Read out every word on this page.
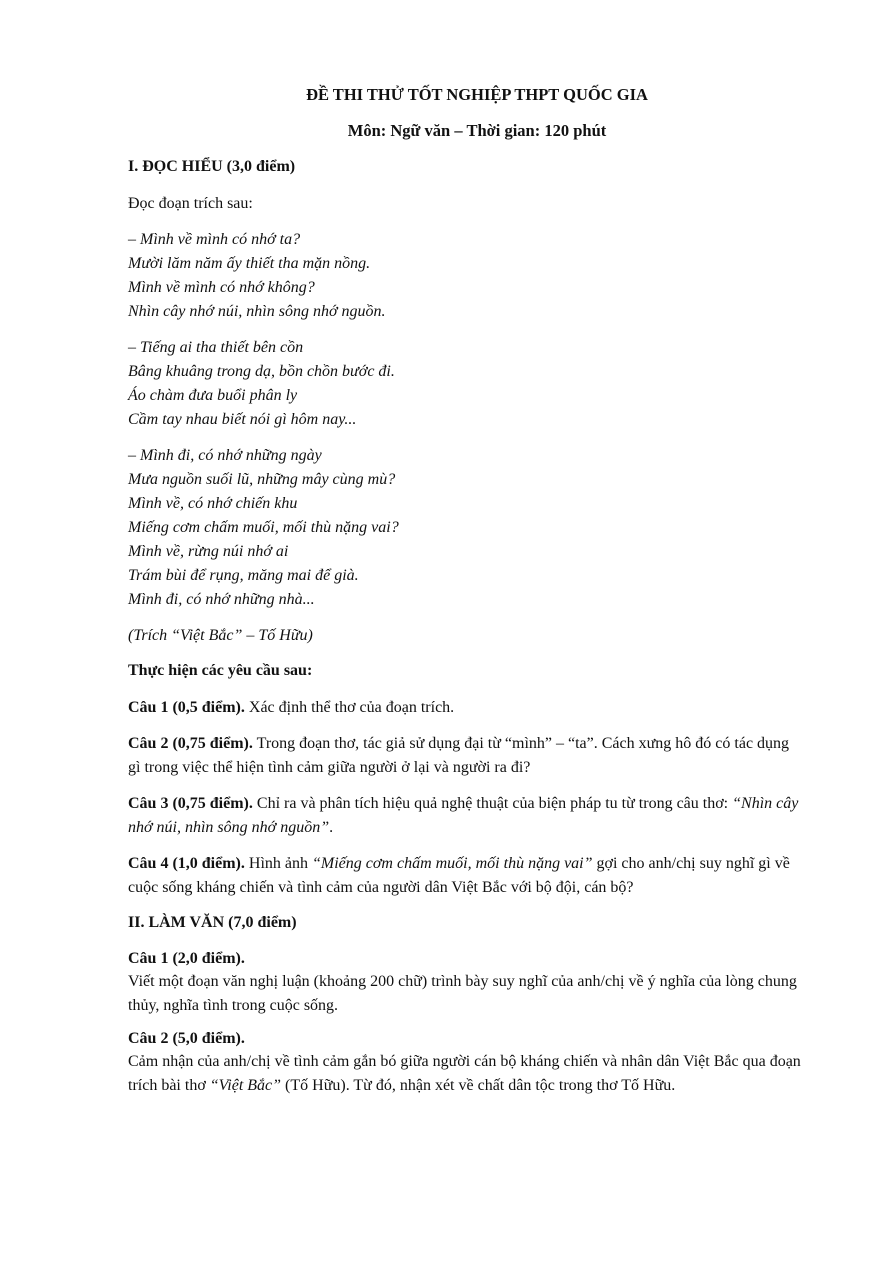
ĐỀ THI THỬ TỐT NGHIỆP THPT QUỐC GIA
Môn: Ngữ văn – Thời gian: 120 phút
I. ĐỌC HIỂU (3,0 điểm)
Đọc đoạn trích sau:
– Mình về mình có nhớ ta?
Mười lăm năm ấy thiết tha mặn nồng.
Mình về mình có nhớ không?
Nhìn cây nhớ núi, nhìn sông nhớ nguồn.
– Tiếng ai tha thiết bên cồn
Bâng khuâng trong dạ, bồn chồn bước đi.
Áo chàm đưa buổi phân ly
Cầm tay nhau biết nói gì hôm nay...
– Mình đi, có nhớ những ngày
Mưa nguồn suối lũ, những mây cùng mù?
Mình về, có nhớ chiến khu
Miếng cơm chấm muối, mối thù nặng vai?
Mình về, rừng núi nhớ ai
Trám bùi để rụng, măng mai để già.
Mình đi, có nhớ những nhà...
(Trích “Việt Bắc” – Tố Hữu)
Thực hiện các yêu cầu sau:
Câu 1 (0,5 điểm). Xác định thể thơ của đoạn trích.
Câu 2 (0,75 điểm). Trong đoạn thơ, tác giả sử dụng đại từ “mình” – “ta”. Cách xưng hô đó có tác dụng gì trong việc thể hiện tình cảm giữa người ở lại và người ra đi?
Câu 3 (0,75 điểm). Chỉ ra và phân tích hiệu quả nghệ thuật của biện pháp tu từ trong câu thơ: “Nhìn cây nhớ núi, nhìn sông nhớ nguồn”.
Câu 4 (1,0 điểm). Hình ảnh “Miếng cơm chấm muối, mối thù nặng vai” gợi cho anh/chị suy nghĩ gì về cuộc sống kháng chiến và tình cảm của người dân Việt Bắc với bộ đội, cán bộ?
II. LÀM VĂN (7,0 điểm)
Câu 1 (2,0 điểm).
Viết một đoạn văn nghị luận (khoảng 200 chữ) trình bày suy nghĩ của anh/chị về ý nghĩa của lòng chung thủy, nghĩa tình trong cuộc sống.
Câu 2 (5,0 điểm).
Cảm nhận của anh/chị về tình cảm gắn bó giữa người cán bộ kháng chiến và nhân dân Việt Bắc qua đoạn trích bài thơ “Việt Bắc” (Tố Hữu). Từ đó, nhận xét về chất dân tộc trong thơ Tố Hữu.
